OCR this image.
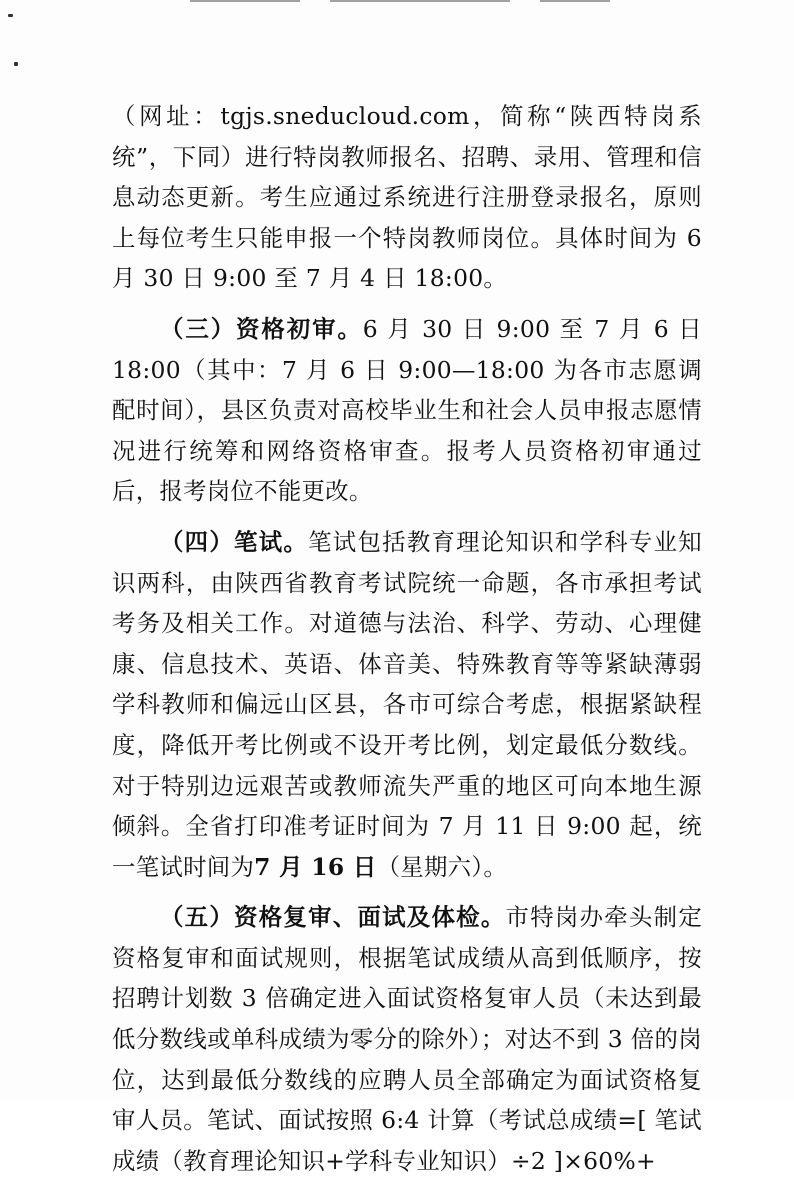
（网址：tgjs.sneducloud.com，简称“陕西特岗系统”，下同）进行特岗教师报名、招聘、录用、管理和信息动态更新。考生应通过系统进行注册登录报名，原则上每位考生只能申报一个特岗教师岗位。具体时间为 6 月 30 日 9:00 至 7 月 4 日 18:00。

（三）资格初审。6 月 30 日 9:00 至 7 月 6 日 18:00（其中：7 月 6 日 9:00—18:00 为各市志愿调配时间），县区负责对高校毕业生和社会人员申报志愿情况进行统筹和网络资格审查。报考人员资格初审通过后，报考岗位不能更改。

（四）笔试。笔试包括教育理论知识和学科专业知识两科，由陕西省教育考试院统一命题，各市承担考试考务及相关工作。对道德与法治、科学、劳动、心理健康、信息技术、英语、体音美、特殊教育等等紧缺薄弱学科教师和偏远山区县，各市可综合考虑，根据紧缺程度，降低开考比例或不设开考比例，划定最低分数线。对于特别边远艰苦或教师流失严重的地区可向本地生源倾斜。全省打印准考证时间为 7 月 11 日 9:00 起，统一笔试时间为7 月 16 日（星期六）。

（五）资格复审、面试及体检。市特岗办牵头制定资格复审和面试规则，根据笔试成绩从高到低顺序，按招聘计划数 3 倍确定进入面试资格复审人员（未达到最低分数线或单科成绩为零分的除外）；对达不到 3 倍的岗位，达到最低分数线的应聘人员全部确定为面试资格复审人员。笔试、面试按照 6:4 计算（考试总成绩=[ 笔试成绩（教育理论知识+学科专业知识）÷2 ]×60%+
